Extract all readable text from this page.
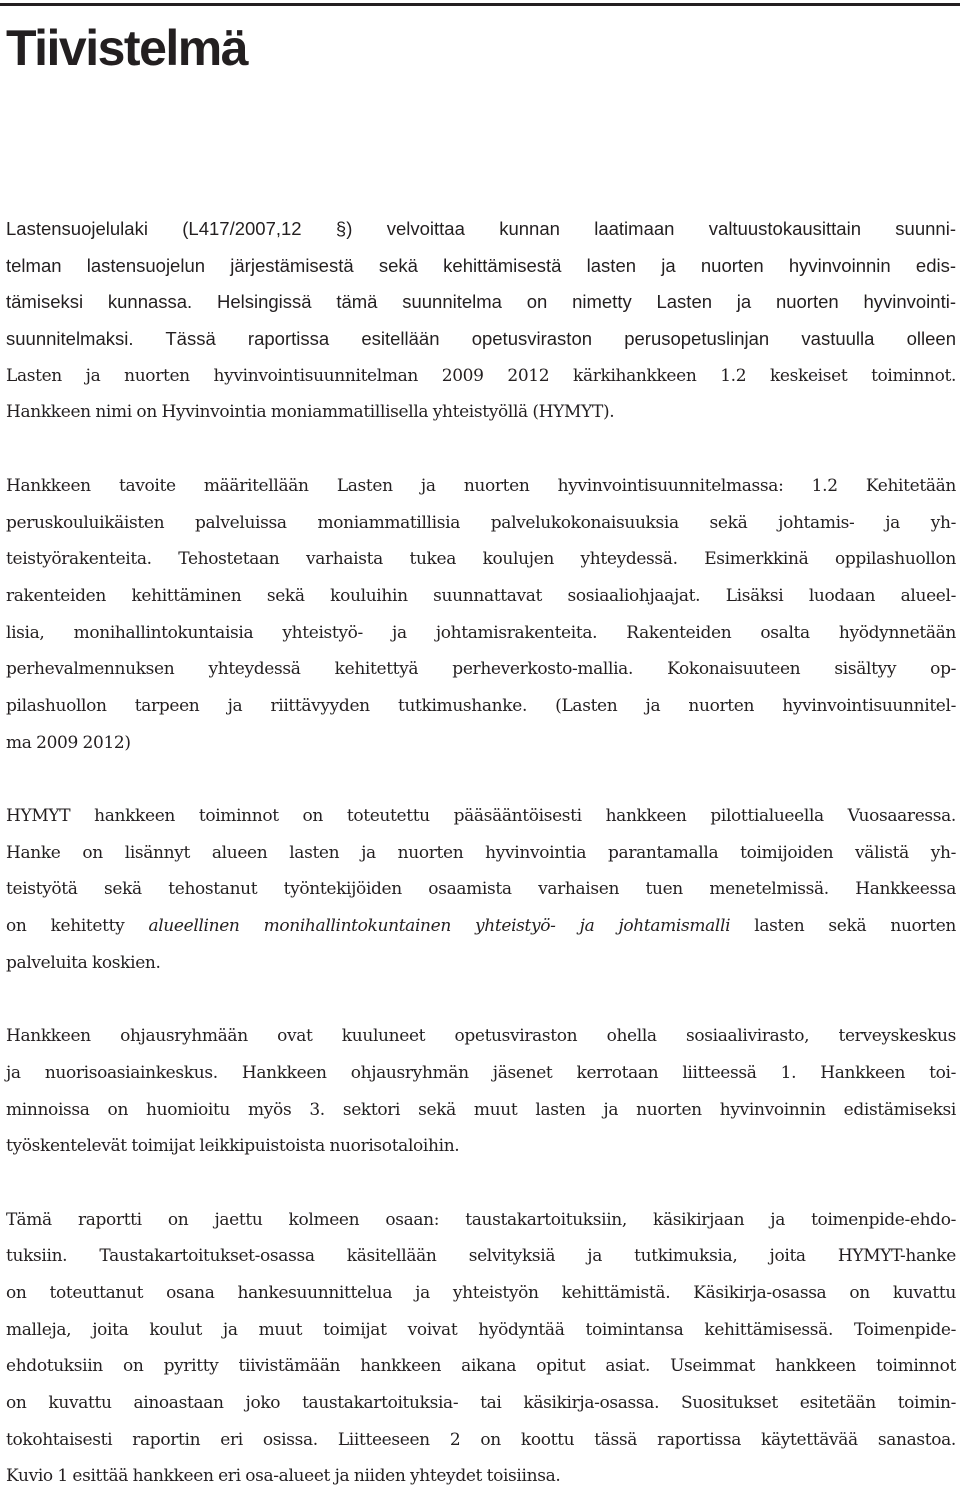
Tiivistelmä
Lastensuojelulaki (L417/2007,12 §) velvoittaa kunnan laatimaan valtuustokausittain suunni-
telman lastensuojelun järjestämisestä sekä kehittämisestä lasten ja nuorten hyvinvoinnin edis-
tämiseksi kunnassa. Helsingissä tämä suunnitelma on nimetty Lasten ja nuorten hyvinvointi-
suunnitelmaksi. Tässä raportissa esitellään opetusviraston perusopetuslinjan vastuulla olleen
Lasten ja nuorten hyvinvointisuunnitelman 2009 2012 kärkihankkeen 1.2 keskeiset toiminnot.
Hankkeen nimi on Hyvinvointia moniammatillisella yhteistyöllä (HYMYT).
Hankkeen tavoite määritellään Lasten ja nuorten hyvinvointisuunnitelmassa: 1.2 Kehitetään
peruskouluikäisten palveluissa moniammatillisia palvelukokonaisuuksia sekä johtamis- ja yh-
teistyörakenteita. Tehostetaan varhaista tukea koulujen yhteydessä. Esimerkkinä oppilashuollon
rakenteiden kehittäminen sekä kouluihin suunnattavat sosiaaliohjaajat. Lisäksi luodaan alueel-
lisia, monihallintokuntaisia yhteistyö- ja johtamisrakenteita. Rakenteiden osalta hyödynnetään
perhevalmennuksen yhteydessä kehitettyä perheverkosto-mallia. Kokonaisuuteen sisältyy op-
pilashuollon tarpeen ja riittävyyden tutkimushanke. (Lasten ja nuorten hyvinvointisuunnitel-
ma 2009 2012)
HYMYT hankkeen toiminnot on toteutettu pääsääntöisesti hankkeen pilottialueella Vuosaaressa.
Hanke on lisännyt alueen lasten ja nuorten hyvinvointia parantamalla toimijoiden välistä yh-
teistyötä sekä tehostanut työntekijöiden osaamista varhaisen tuen menetelmissä. Hankkeessa
on kehitetty alueellinen monihallintokuntainen yhteistyö- ja johtamismalli lasten sekä nuorten
palveluita koskien.
Hankkeen ohjausryhmään ovat kuuluneet opetusviraston ohella sosiaalivirasto, terveyskeskus
ja nuorisoasiainkeskus. Hankkeen ohjausryhmän jäsenet kerrotaan liitteessä 1. Hankkeen toi-
minnoissa on huomioitu myös 3. sektori sekä muut lasten ja nuorten hyvinvoinnin edistämiseksi
työskentelevät toimijat leikkipuistoista nuorisotaloihin.
Tämä raportti on jaettu kolmeen osaan: taustakartoituksiin, käsikirjaan ja toimenpide-ehdo-
tuksiin. Taustakartoitukset-osassa käsitellään selvityksiä ja tutkimuksia, joita HYMYT-hanke
on toteuttanut osana hankesuunnittelua ja yhteistyön kehittämistä. Käsikirja-osassa on kuvattu
malleja, joita koulut ja muut toimijat voivat hyödyntää toimintansa kehittämisessä. Toimenpide-
ehdotuksiin on pyritty tiivistämään hankkeen aikana opitut asiat. Useimmat hankkeen toiminnot
on kuvattu ainoastaan joko taustakartoituksia- tai käsikirja-osassa. Suositukset esitetään toimin-
tokohtaisesti raportin eri osissa. Liitteeseen 2 on koottu tässä raportissa käytettävää sanastoa.
Kuvio 1 esittää hankkeen eri osa-alueet ja niiden yhteydet toisiinsa.
